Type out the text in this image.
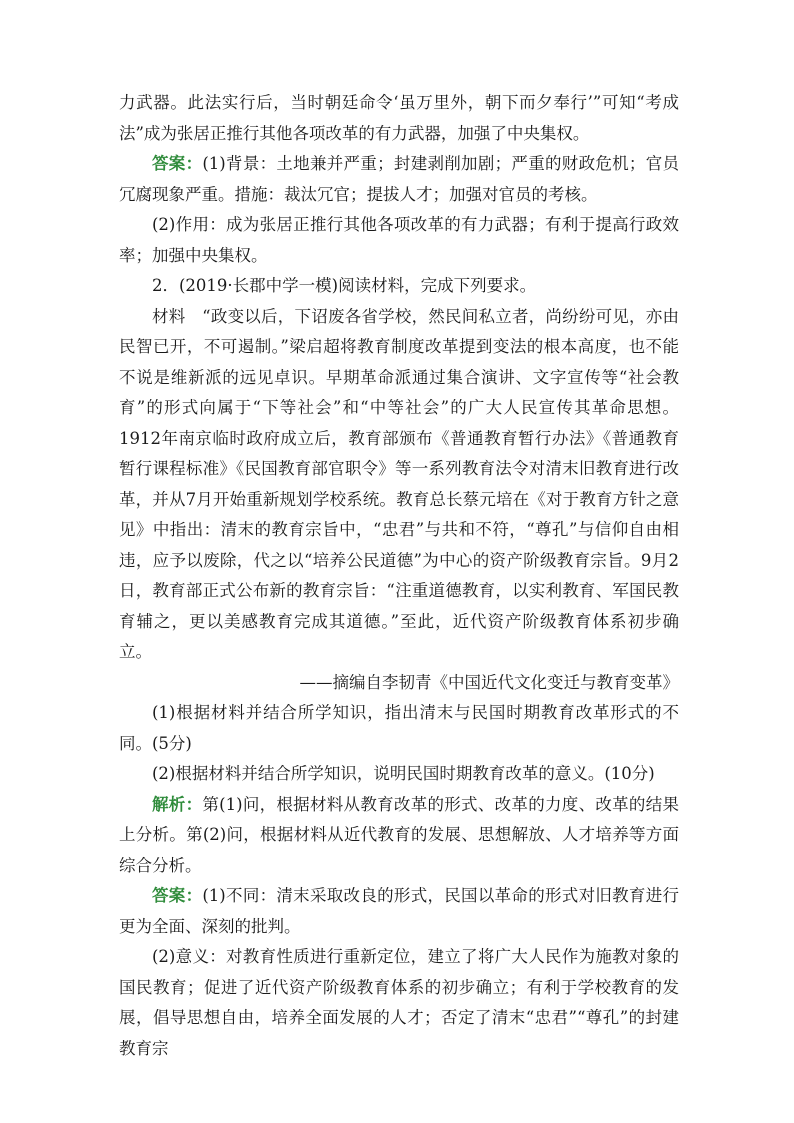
力武器。此法实行后，当时朝廷命令‘虽万里外，朝下而夕奉行’”可知“考成法”成为张居正推行其他各项改革的有力武器，加强了中央集权。

答案：(1)背景：土地兼并严重；封建剥削加剧；严重的财政危机；官员冗腐现象严重。措施：裁汰冗官；提拔人才；加强对官员的考核。

(2)作用：成为张居正推行其他各项改革的有力武器；有利于提高行政效率；加强中央集权。

2．(2019·长郡中学一模)阅读材料，完成下列要求。

材料　“政变以后，下诏废各省学校，然民间私立者，尚纷纷可见，亦由民智已开，不可遏制。”梁启超将教育制度改革提到变法的根本高度，也不能不说是维新派的远见卓识。早期革命派通过集合演讲、文字宣传等“社会教育”的形式向属于“下等社会”和“中等社会”的广大人民宣传其革命思想。1912年南京临时政府成立后，教育部颁布《普通教育暂行办法》《普通教育暂行课程标准》《民国教育部官职令》等一系列教育法令对清末旧教育进行改革，并从7月开始重新规划学校系统。教育总长蔡元培在《对于教育方针之意见》中指出：清末的教育宗旨中，“忠君”与共和不符，“尊孔”与信仰自由相违，应予以废除，代之以“培养公民道德”为中心的资产阶级教育宗旨。9月2日，教育部正式公布新的教育宗旨：“注重道德教育，以实利教育、军国民教育辅之，更以美感教育完成其道德。”至此，近代资产阶级教育体系初步确立。

——摘编自李韧青《中国近代文化变迁与教育变革》

(1)根据材料并结合所学知识，指出清末与民国时期教育改革形式的不同。(5分)

(2)根据材料并结合所学知识，说明民国时期教育改革的意义。(10分)

解析：第(1)问，根据材料从教育改革的形式、改革的力度、改革的结果上分析。第(2)问，根据材料从近代教育的发展、思想解放、人才培养等方面综合分析。

答案：(1)不同：清末采取改良的形式，民国以革命的形式对旧教育进行更为全面、深刻的批判。

(2)意义：对教育性质进行重新定位，建立了将广大人民作为施教对象的国民教育；促进了近代资产阶级教育体系的初步确立；有利于学校教育的发展，倡导思想自由，培养全面发展的人才；否定了清末“忠君”“尊孔”的封建教育宗
